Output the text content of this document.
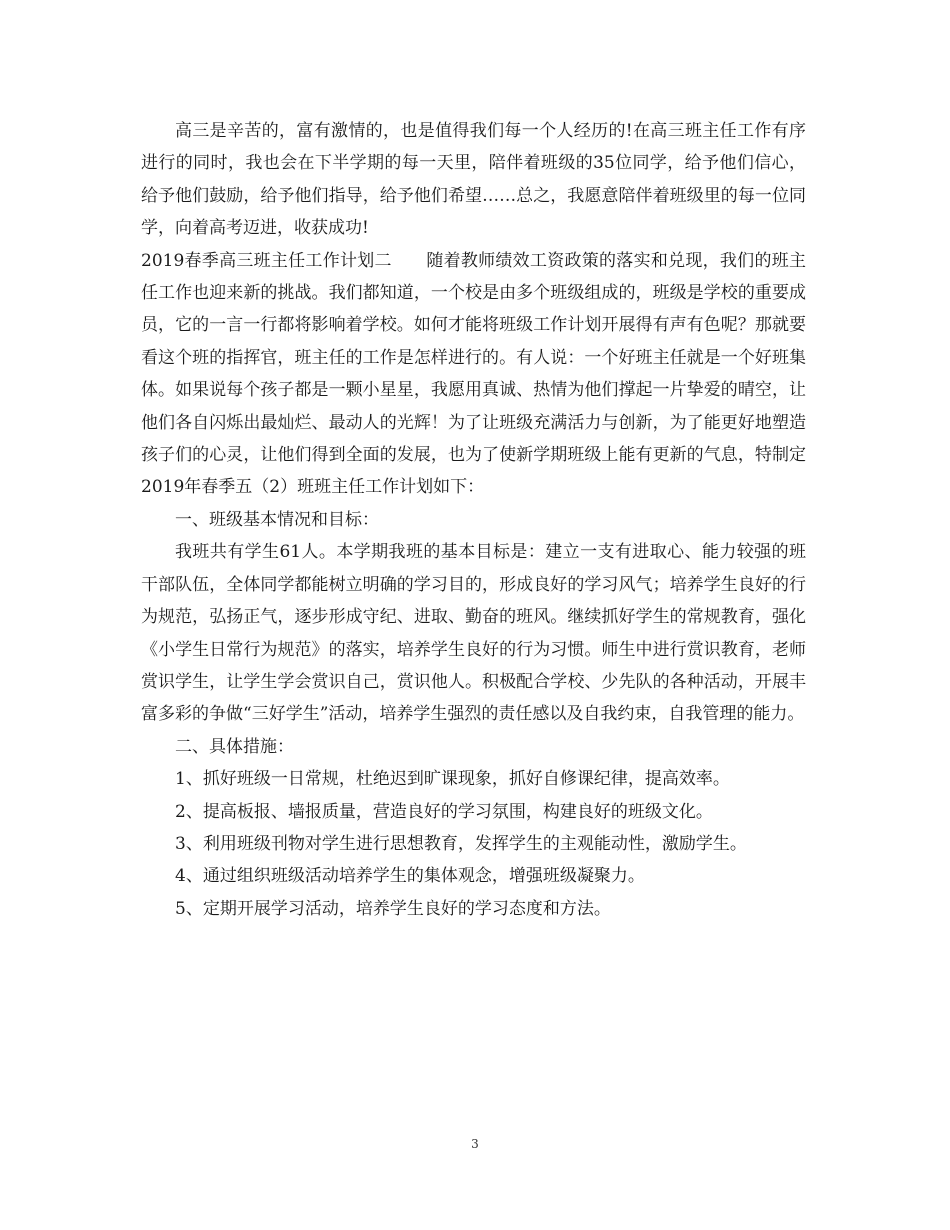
高三是辛苦的，富有激情的，也是值得我们每一个人经历的!在高三班主任工作有序进行的同时，我也会在下半学期的每一天里，陪伴着班级的35位同学，给予他们信心，给予他们鼓励，给予他们指导，给予他们希望……总之，我愿意陪伴着班级里的每一位同学，向着高考迈进，收获成功!

2019春季高三班主任工作计划二　　随着教师绩效工资政策的落实和兑现，我们的班主任工作也迎来新的挑战。我们都知道，一个校是由多个班级组成的，班级是学校的重要成员，它的一言一行都将影响着学校。如何才能将班级工作计划开展得有声有色呢？那就要看这个班的指挥官，班主任的工作是怎样进行的。有人说：一个好班主任就是一个好班集体。如果说每个孩子都是一颗小星星，我愿用真诚、热情为他们撑起一片挚爱的晴空，让他们各自闪烁出最灿烂、最动人的光辉！为了让班级充满活力与创新，为了能更好地塑造孩子们的心灵，让他们得到全面的发展，也为了使新学期班级上能有更新的气息，特制定2019年春季五（2）班班主任工作计划如下：

一、班级基本情况和目标：

我班共有学生61人。本学期我班的基本目标是：建立一支有进取心、能力较强的班干部队伍，全体同学都能树立明确的学习目的，形成良好的学习风气；培养学生良好的行为规范，弘扬正气，逐步形成守纪、进取、勤奋的班风。继续抓好学生的常规教育，强化《小学生日常行为规范》的落实，培养学生良好的行为习惯。师生中进行赏识教育，老师赏识学生，让学生学会赏识自己，赏识他人。积极配合学校、少先队的各种活动，开展丰富多彩的争做“三好学生”活动，培养学生强烈的责任感以及自我约束，自我管理的能力。

二、具体措施：

1、抓好班级一日常规，杜绝迟到旷课现象，抓好自修课纪律，提高效率。

2、提高板报、墙报质量，营造良好的学习氛围，构建良好的班级文化。

3、利用班级刊物对学生进行思想教育，发挥学生的主观能动性，激励学生。

4、通过组织班级活动培养学生的集体观念，增强班级凝聚力。

5、定期开展学习活动，培养学生良好的学习态度和方法。

3
